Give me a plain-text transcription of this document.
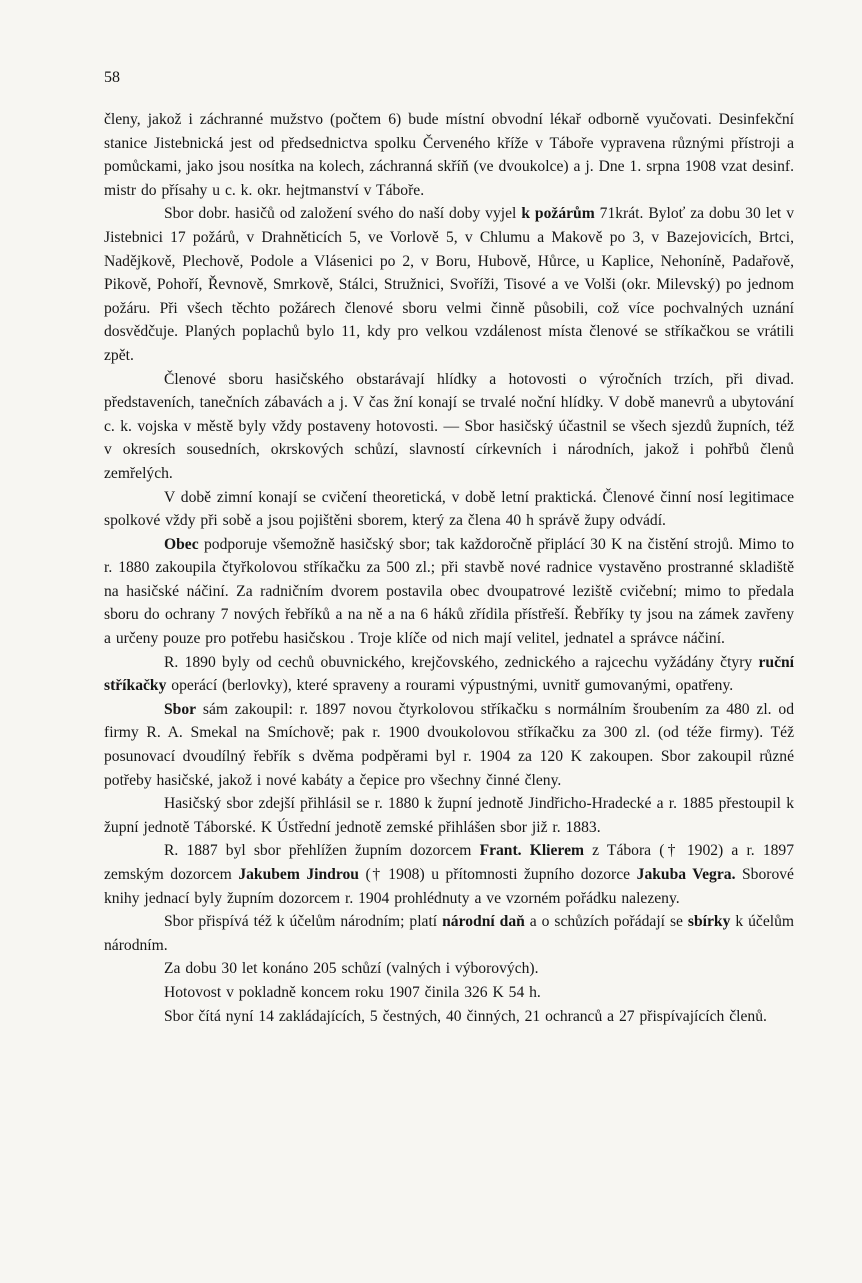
58

členy, jakož i záchranné mužstvo (počtem 6) bude místní obvodní lékař odborně vyučovati. Desinfekční stanice Jistebnická jest od předsednictva spolku Červeného kříže v Táboře vypravena různými přístroji a pomůckami, jako jsou nosítka na kolech, záchranná skříň (ve dvoukolce) a j. Dne 1. srpna 1908 vzat desinf. mistr do přísahy u c. k. okr. hejtmanství v Táboře.

Sbor dobr. hasičů od založení svého do naší doby vyjel k požárům 71krát. Byloť za dobu 30 let v Jistebnici 17 požárů, v Drahněticích 5, ve Vorlově 5, v Chlumu a Makově po 3, v Bazejovicích, Brtci, Nadějkově, Plechově, Podole a Vlásenici po 2, v Boru, Hubově, Hůrce, u Kaplice, Nehoníně, Padařově, Pikově, Pohoří, Řevnově, Smrkově, Stálci, Stružnici, Svoříži, Tisové a ve Volši (okr. Milevský) po jednom požáru. Při všech těchto požárech členové sboru velmi činně působili, což více pochvalných uznání dosvědčuje. Planých poplachů bylo 11, kdy pro velkou vzdálenost místa členové se stříkačkou se vrátili zpět.

Členové sboru hasičského obstarávají hlídky a hotovosti o výročních trzích, při divad. představeních, tanečních zábavách a j. V čas žní konají se trvalé noční hlídky. V době manevrů a ubytování c. k. vojska v městě byly vždy postaveny hotovosti. — Sbor hasičský účastnil se všech sjezdů župních, též v okresích sousedních, okrskových schůzí, slavností církevních i národních, jakož i pohřbů členů zemřelých.

V době zimní konají se cvičení theoretická, v době letní praktická. Členové činní nosí legitimace spolkové vždy při sobě a jsou pojištěni sborem, který za člena 40 h správě župy odvádí.

Obec podporuje všemožně hasičský sbor; tak každoročně připlácí 30 K na čistění strojů. Mimo to r. 1880 zakoupila čtyřkolovou stříkačku za 500 zl.; při stavbě nové radnice vystavěno prostranné skladiště na hasičské náčiní. Za radničním dvorem postavila obec dvoupatrové leziště cvičební; mimo to předala sboru do ochrany 7 nových řebříků a na ně a na 6 háků zřídila přístřeší. Řebříky ty jsou na zámek zavřeny a určeny pouze pro potřebu hasičskou . Troje klíče od nich mají velitel, jednatel a správce náčiní.

R. 1890 byly od cechů obuvnického, krejčovského, zednického a rajcechu vyžádány čtyry ruční stříkačky operácí (berlovky), které spraveny a rourami výpustnými, uvnitř gumovanými, opatřeny.

Sbor sám zakoupil: r. 1897 novou čtyrkolovou stříkačku s normálním šroubením za 480 zl. od firmy R. A. Smekal na Smíchově; pak r. 1900 dvoukolovou stříkačku za 300 zl. (od téže firmy). Též posunovací dvoudílný řebřík s dvěma podpěrami byl r. 1904 za 120 K zakoupen. Sbor zakoupil různé potřeby hasičské, jakož i nové kabáty a čepice pro všechny činné členy.

Hasičský sbor zdejší přihlásil se r. 1880 k župní jednotě Jindřicho-Hradecké a r. 1885 přestoupil k župní jednotě Táborské. K Ústřední jednotě zemské přihlášen sbor již r. 1883.

R. 1887 byl sbor přehlížen župním dozorcem Frant. Klierem z Tábora († 1902) a r. 1897 zemským dozorcem Jakubem Jindrou († 1908) u přítomnosti župního dozorce Jakuba Vegra. Sborové knihy jednací byly župním dozorcem r. 1904 prohlédnuty a ve vzorném pořádku nalezeny.

Sbor přispívá též k účelům národním; platí národní daň a o schůzích pořádají se sbírky k účelům národním.

Za dobu 30 let konáno 205 schůzí (valných i výborových).

Hotovost v pokladně koncem roku 1907 činila 326 K 54 h.

Sbor čítá nyní 14 zakládajících, 5 čestných, 40 činných, 21 ochranců a 27 přispívajících členů.
